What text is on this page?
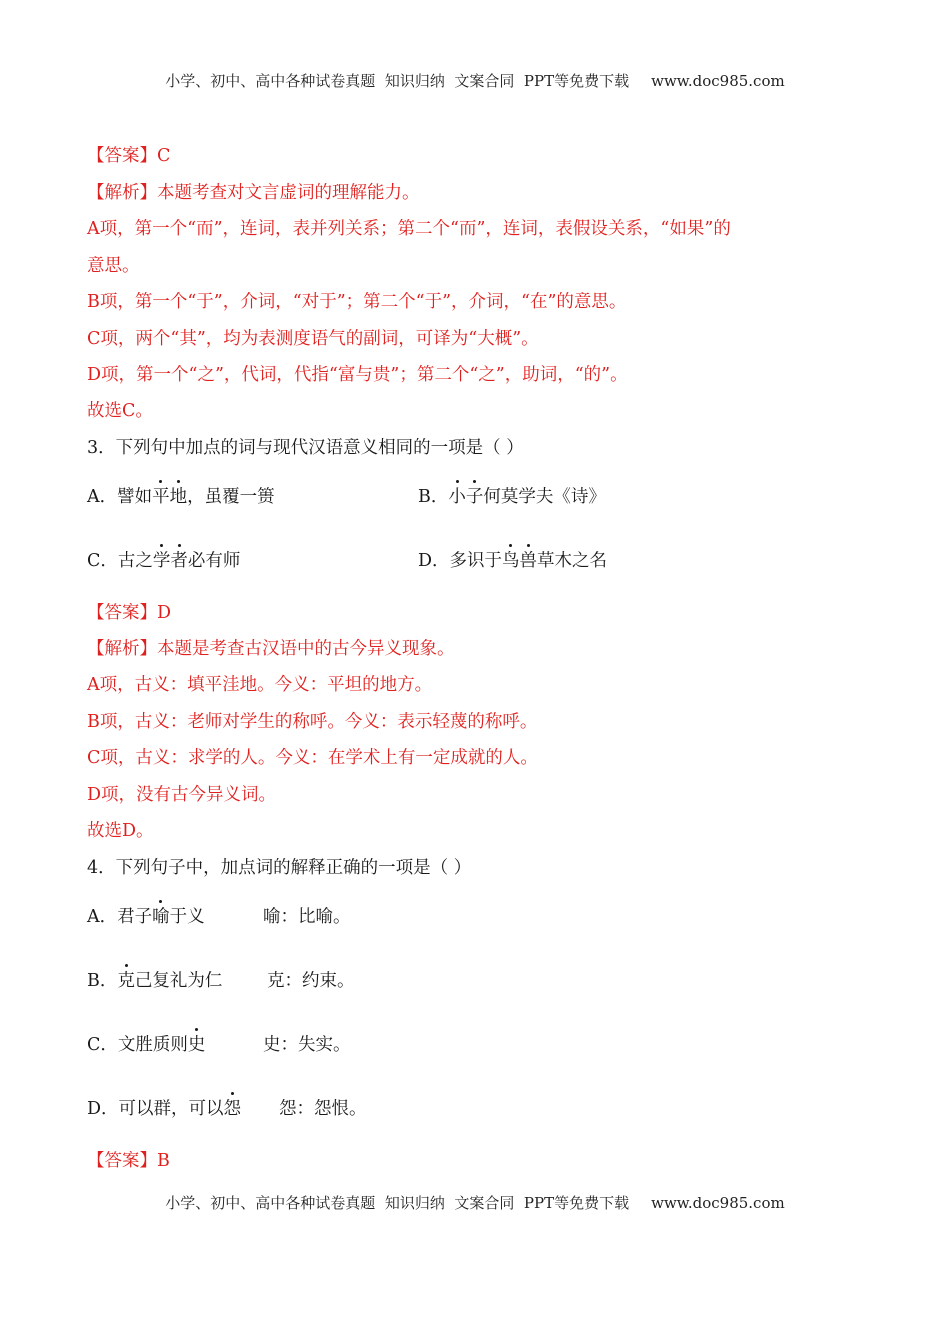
小学、初中、高中各种试卷真题  知识归纳  文案合同  PPT等免费下载 www.doc985.com
【答案】C
【解析】本题考查对文言虚词的理解能力。
A项，第一个“而”，连词，表并列关系；第二个“而”，连词，表假设关系，“如果”的
意思。
B项，第一个“于”，介词，“对于”；第二个“于”，介词，“在”的意思。
C项，两个“其”，均为表测度语气的副词，可译为“大概”。
D项，第一个“之”，代词，代指“富与贵”；第二个“之”，助词，“的”。
故选C。
3．下列句中加点的词与现代汉语意义相同的一项是（ ）
A．譬如平地，虽覆一篑	B．小子何莫学夫《诗》
C．古之学者必有师	D．多识于鸟兽草木之名
【答案】D
【解析】本题是考查古汉语中的古今异义现象。
A项，古义：填平洼地。今义：平坦的地方。
B项，古义：老师对学生的称呼。今义：表示轻蔑的称呼。
C项，古义：求学的人。今义：在学术上有一定成就的人。
D项，没有古今异义词。
故选D。
4．下列句子中，加点词的解释正确的一项是（ ）
A．君子喻于义	喻：比喻。
B．克己复礼为仁	克：约束。
C．文胜质则史	史：失实。
D．可以群，可以怨 怨：怨恨。
【答案】B
小学、初中、高中各种试卷真题  知识归纳  文案合同  PPT等免费下载 www.doc985.com
